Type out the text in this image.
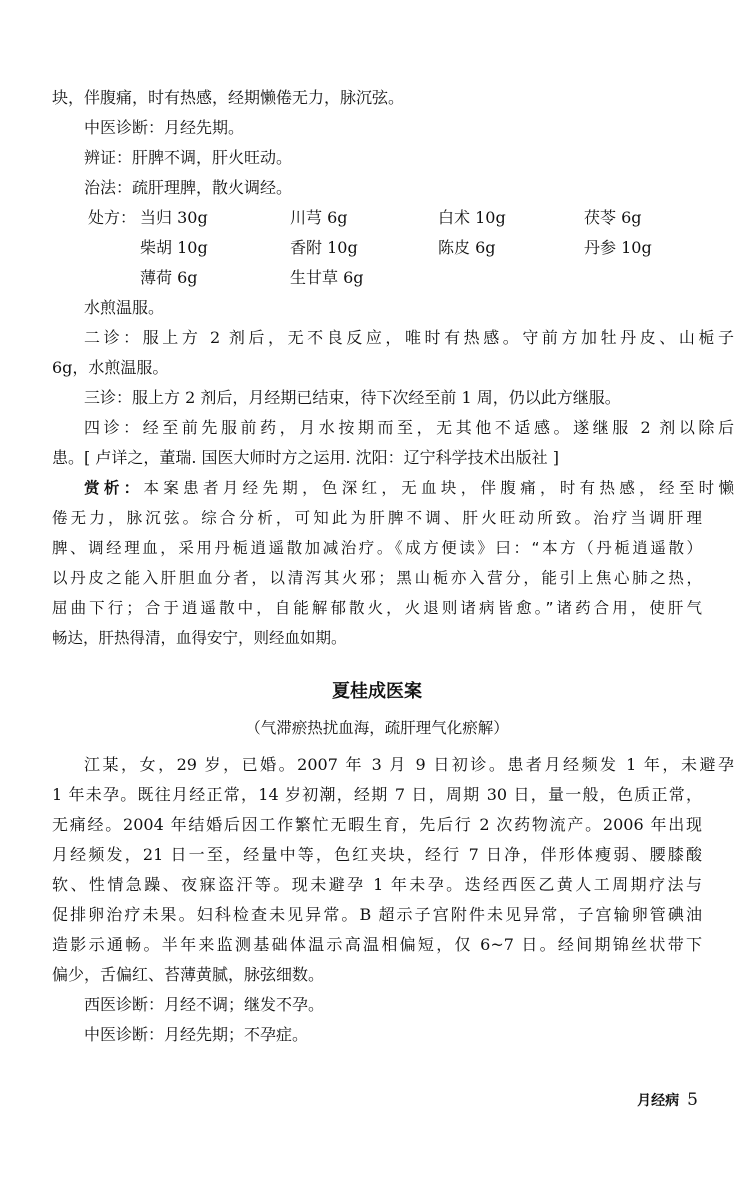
块，伴腹痛，时有热感，经期懒倦无力，脉沉弦。
中医诊断：月经先期。
辨证：肝脾不调，肝火旺动。
治法：疏肝理脾，散火调经。
处方： 当归 30g	川芎 6g	白术 10g	茯苓 6g
柴胡 10g	香附 10g	陈皮 6g	丹参 10g
薄荷 6g	生甘草 6g
水煎温服。
二诊：服上方 2 剂后，无不良反应，唯时有热感。守前方加牡丹皮、山栀子
6g，水煎温服。
三诊：服上方 2 剂后，月经期已结束，待下次经至前 1 周，仍以此方继服。
四诊：经至前先服前药，月水按期而至，无其他不适感。遂继服 2 剂以除后
患。[ 卢详之，董瑞. 国医大师时方之运用. 沈阳：辽宁科学技术出版社 ]
赏析：本案患者月经先期，色深红，无血块，伴腹痛，时有热感，经至时懒
倦无力，脉沉弦。综合分析，可知此为肝脾不调、肝火旺动所致。治疗当调肝理
脾、调经理血，采用丹栀逍遥散加减治疗。《成方便读》曰：“本方（丹栀逍遥散）
以丹皮之能入肝胆血分者，以清泻其火邪；黑山栀亦入营分，能引上焦心肺之热，
屈曲下行；合于逍遥散中，自能解郁散火，火退则诸病皆愈。”诸药合用，使肝气
畅达，肝热得清，血得安宁，则经血如期。
夏桂成医案
（气滞瘀热扰血海，疏肝理气化瘀解）
江某，女，29 岁，已婚。2007 年 3 月 9 日初诊。患者月经频发 1 年，未避孕
1 年未孕。既往月经正常，14 岁初潮，经期 7 日，周期 30 日，量一般，色质正常，
无痛经。2004 年结婚后因工作繁忙无暇生育，先后行 2 次药物流产。2006 年出现
月经频发，21 日一至，经量中等，色红夹块，经行 7 日净，伴形体瘦弱、腰膝酸
软、性情急躁、夜寐盗汗等。现未避孕 1 年未孕。迭经西医乙黄人工周期疗法与
促排卵治疗未果。妇科检查未见异常。B 超示子宫附件未见异常，子宫输卵管碘油
造影示通畅。半年来监测基础体温示高温相偏短，仅 6~7 日。经间期锦丝状带下
偏少，舌偏红、苔薄黄腻，脉弦细数。
西医诊断：月经不调；继发不孕。
中医诊断：月经先期；不孕症。
月经病 5
